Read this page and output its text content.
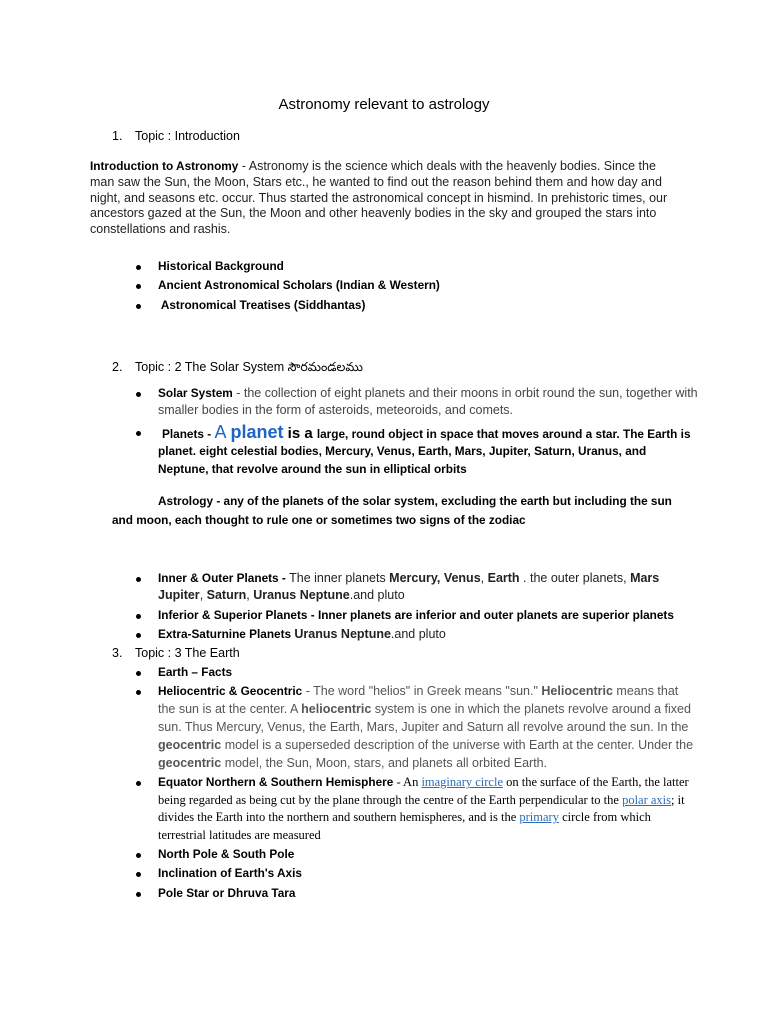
Astronomy relevant to astrology
1. Topic : Introduction
Introduction to Astronomy - Astronomy is the science which deals with the heavenly bodies. Since the man saw the Sun, the Moon, Stars etc., he wanted to find out the reason behind them and how day and night, and seasons etc. occur. Thus started the astronomical concept in hismind. In prehistoric times, our ancestors gazed at the Sun, the Moon and other heavenly bodies in the sky and grouped the stars into constellations and rashis.
Historical Background
Ancient Astronomical Scholars (Indian & Western)
Astronomical Treatises (Siddhantas)
2. Topic : 2 The Solar System సౌరమండలము
Solar System - the collection of eight planets and their moons in orbit round the sun, together with smaller bodies in the form of asteroids, meteoroids, and comets.
Planets - A planet is a large, round object in space that moves around a star. The Earth is planet. eight celestial bodies, Mercury, Venus, Earth, Mars, Jupiter, Saturn, Uranus, and Neptune, that revolve around the sun in elliptical orbits
Astrology - any of the planets of the solar system, excluding the earth but including the sun and moon, each thought to rule one or sometimes two signs of the zodiac
Inner & Outer Planets - The inner planets Mercury, Venus, Earth . the outer planets, Mars Jupiter, Saturn, Uranus Neptune.and pluto
Inferior & Superior Planets - Inner planets are inferior and outer planets are superior planets
Extra-Saturnine Planets Uranus Neptune.and pluto
3. Topic : 3 The Earth
Earth – Facts
Heliocentric & Geocentric - The word "helios" in Greek means "sun." Heliocentric means that the sun is at the center. A heliocentric system is one in which the planets revolve around a fixed sun. Thus Mercury, Venus, the Earth, Mars, Jupiter and Saturn all revolve around the sun. In the geocentric model is a superseded description of the universe with Earth at the center. Under the geocentric model, the Sun, Moon, stars, and planets all orbited Earth.
Equator Northern & Southern Hemisphere - An imaginary circle on the surface of the Earth, the latter being regarded as being cut by the plane through the centre of the Earth perpendicular to the polar axis; it divides the Earth into the northern and southern hemispheres, and is the primary circle from which terrestrial latitudes are measured
North Pole & South Pole
Inclination of Earth's Axis
Pole Star or Dhruva Tara
